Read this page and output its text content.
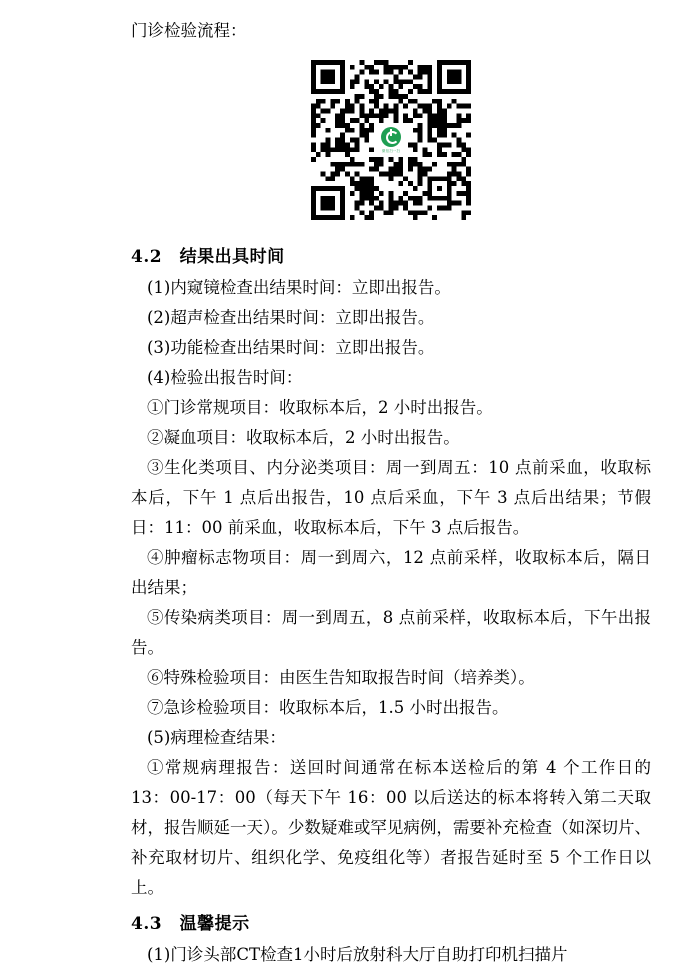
门诊检验流程：
微信扫一扫
4.2　结果出具时间

(1)内窥镜检查出结果时间：立即出报告。

(2)超声检查出结果时间：立即出报告。

(3)功能检查出结果时间：立即出报告。

(4)检验出报告时间：

①门诊常规项目：收取标本后，2 小时出报告。

②凝血项目：收取标本后，2 小时出报告。

③生化类项目、内分泌类项目：周一到周五：10 点前采血，收取标本后，下午 1 点后出报告，10 点后采血，下午 3 点后出结果；节假日：11：00 前采血，收取标本后，下午 3 点后报告。

④肿瘤标志物项目：周一到周六，12 点前采样，收取标本后，隔日出结果；

⑤传染病类项目：周一到周五，8 点前采样，收取标本后，下午出报告。

⑥特殊检验项目：由医生告知取报告时间（培养类）。

⑦急诊检验项目：收取标本后，1.5 小时出报告。

(5)病理检查结果：

①常规病理报告：送回时间通常在标本送检后的第 4 个工作日的 13：00-17：00（每天下午 16：00 以后送达的标本将转入第二天取材，报告顺延一天）。少数疑难或罕见病例，需要补充检查（如深切片、补充取材切片、组织化学、免疫组化等）者报告延时至 5 个工作日以上。

4.3　温馨提示

(1)门诊头部CT检查1小时后放射科大厅自助打印机扫描片
